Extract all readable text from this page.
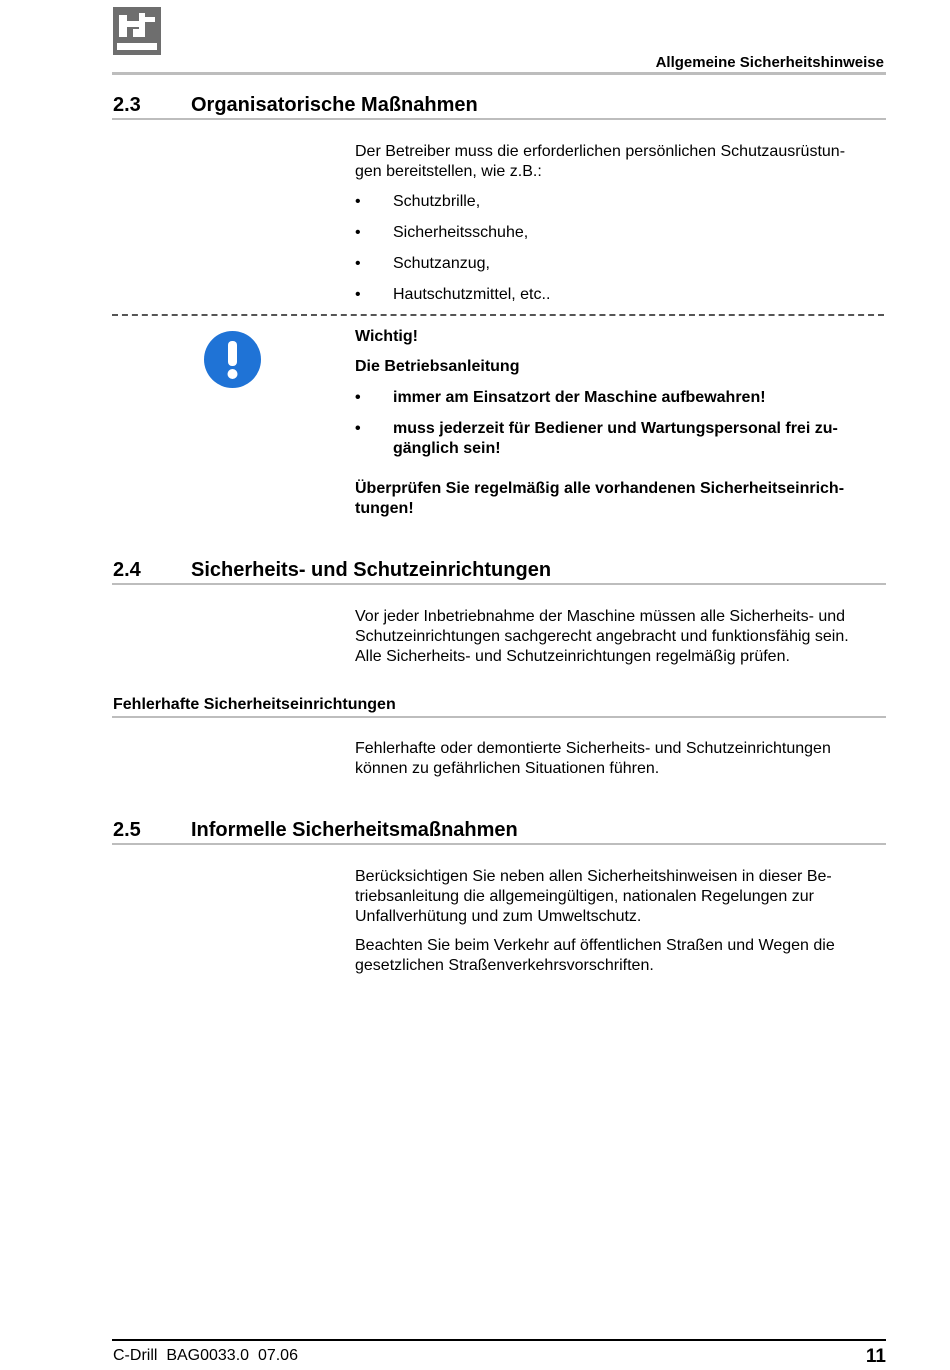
Allgemeine Sicherheitshinweise
2.3	Organisatorische Maßnahmen
Der Betreiber muss die erforderlichen persönlichen Schutzausrüstun-
gen bereitstellen, wie z.B.:
• Schutzbrille,
• Sicherheitsschuhe,
• Schutzanzug,
• Hautschutzmittel, etc..
Wichtig!
Die Betriebsanleitung
• immer am Einsatzort der Maschine aufbewahren!
• muss jederzeit für Bediener und Wartungspersonal frei zu-
gänglich sein!
Überprüfen Sie regelmäßig alle vorhandenen Sicherheitseinrich-
tungen!
2.4	Sicherheits- und Schutzeinrichtungen
Vor jeder Inbetriebnahme der Maschine müssen alle Sicherheits- und
Schutzeinrichtungen sachgerecht angebracht und funktionsfähig sein.
Alle Sicherheits- und Schutzeinrichtungen regelmäßig prüfen.
Fehlerhafte Sicherheitseinrichtungen
Fehlerhafte oder demontierte Sicherheits- und Schutzeinrichtungen
können zu gefährlichen Situationen führen.
2.5	Informelle Sicherheitsmaßnahmen
Berücksichtigen Sie neben allen Sicherheitshinweisen in dieser Be-
triebsanleitung die allgemeingültigen, nationalen Regelungen zur
Unfallverhütung und zum Umweltschutz.
Beachten Sie beim Verkehr auf öffentlichen Straßen und Wegen die
gesetzlichen Straßenverkehrsvorschriften.
C-Drill  BAG0033.0  07.06	11
